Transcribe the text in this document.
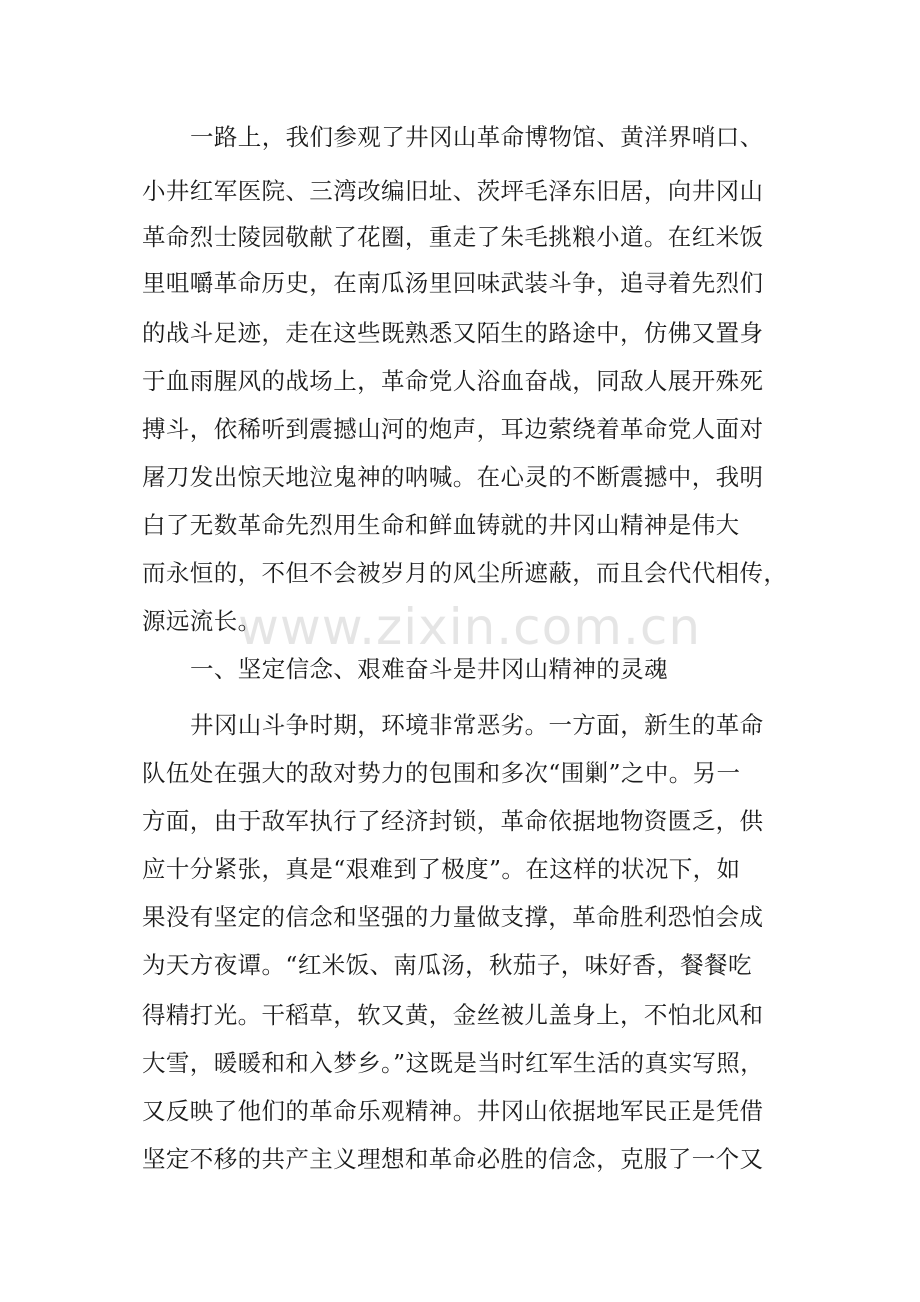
一路上，我们参观了井冈山革命博物馆、黄洋界哨口、
小井红军医院、三湾改编旧址、茨坪毛泽东旧居，向井冈山
革命烈士陵园敬献了花圈，重走了朱毛挑粮小道。在红米饭
里咀嚼革命历史，在南瓜汤里回味武装斗争，追寻着先烈们
的战斗足迹，走在这些既熟悉又陌生的路途中，仿佛又置身
于血雨腥风的战场上，革命党人浴血奋战，同敌人展开殊死
搏斗，依稀听到震撼山河的炮声，耳边萦绕着革命党人面对
屠刀发出惊天地泣鬼神的呐喊。在心灵的不断震撼中，我明
白了无数革命先烈用生命和鲜血铸就的井冈山精神是伟大
而永恒的，不但不会被岁月的风尘所遮蔽，而且会代代相传，
源远流长。
一、坚定信念、艰难奋斗是井冈山精神的灵魂
井冈山斗争时期，环境非常恶劣。一方面，新生的革命
队伍处在强大的敌对势力的包围和多次“围剿”之中。另一
方面，由于敌军执行了经济封锁，革命依据地物资匮乏，供
应十分紧张，真是“艰难到了极度”。在这样的状况下，如
果没有坚定的信念和坚强的力量做支撑，革命胜利恐怕会成
为天方夜谭。“红米饭、南瓜汤，秋茄子，味好香，餐餐吃
得精打光。干稻草，软又黄，金丝被儿盖身上，不怕北风和
大雪，暖暖和和入梦乡。”这既是当时红军生活的真实写照，
又反映了他们的革命乐观精神。井冈山依据地军民正是凭借
坚定不移的共产主义理想和革命必胜的信念，克服了一个又
www.zixin.com.cn
